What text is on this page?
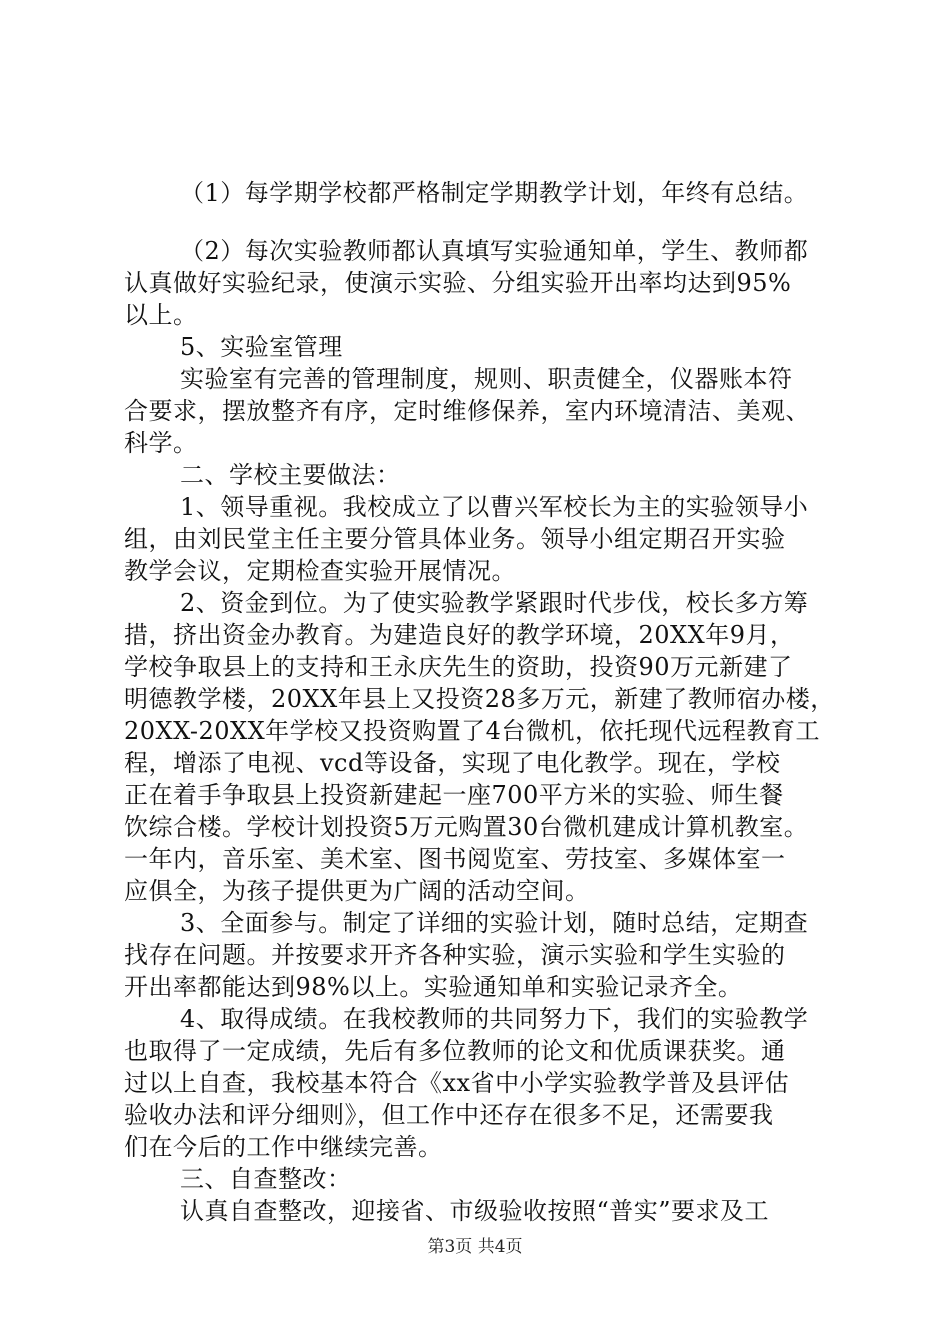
（1）每学期学校都严格制定学期教学计划，年终有总结。
（2）每次实验教师都认真填写实验通知单，学生、教师都
认真做好实验纪录，使演示实验、分组实验开出率均达到95%
以上。
5、实验室管理
实验室有完善的管理制度，规则、职责健全，仪器账本符
合要求，摆放整齐有序，定时维修保养，室内环境清洁、美观、
科学。
二、学校主要做法：
1、领导重视。我校成立了以曹兴军校长为主的实验领导小
组，由刘民堂主任主要分管具体业务。领导小组定期召开实验
教学会议，定期检查实验开展情况。
2、资金到位。为了使实验教学紧跟时代步伐，校长多方筹
措，挤出资金办教育。为建造良好的教学环境，20XX年9月，
学校争取县上的支持和王永庆先生的资助，投资90万元新建了
明德教学楼，20XX年县上又投资28多万元，新建了教师宿办楼，
20XX-20XX年学校又投资购置了4台微机，依托现代远程教育工
程，增添了电视、vcd等设备，实现了电化教学。现在，学校
正在着手争取县上投资新建起一座700平方米的实验、师生餐
饮综合楼。学校计划投资5万元购置30台微机建成计算机教室。
一年内，音乐室、美术室、图书阅览室、劳技室、多媒体室一
应俱全，为孩子提供更为广阔的活动空间。
3、全面参与。制定了详细的实验计划，随时总结，定期查
找存在问题。并按要求开齐各种实验，演示实验和学生实验的
开出率都能达到98%以上。实验通知单和实验记录齐全。
4、取得成绩。在我校教师的共同努力下，我们的实验教学
也取得了一定成绩，先后有多位教师的论文和优质课获奖。通
过以上自查，我校基本符合《xx省中小学实验教学普及县评估
验收办法和评分细则》，但工作中还存在很多不足，还需要我
们在今后的工作中继续完善。
三、自查整改：
认真自查整改，迎接省、市级验收按照“普实”要求及工
第3页 共4页
